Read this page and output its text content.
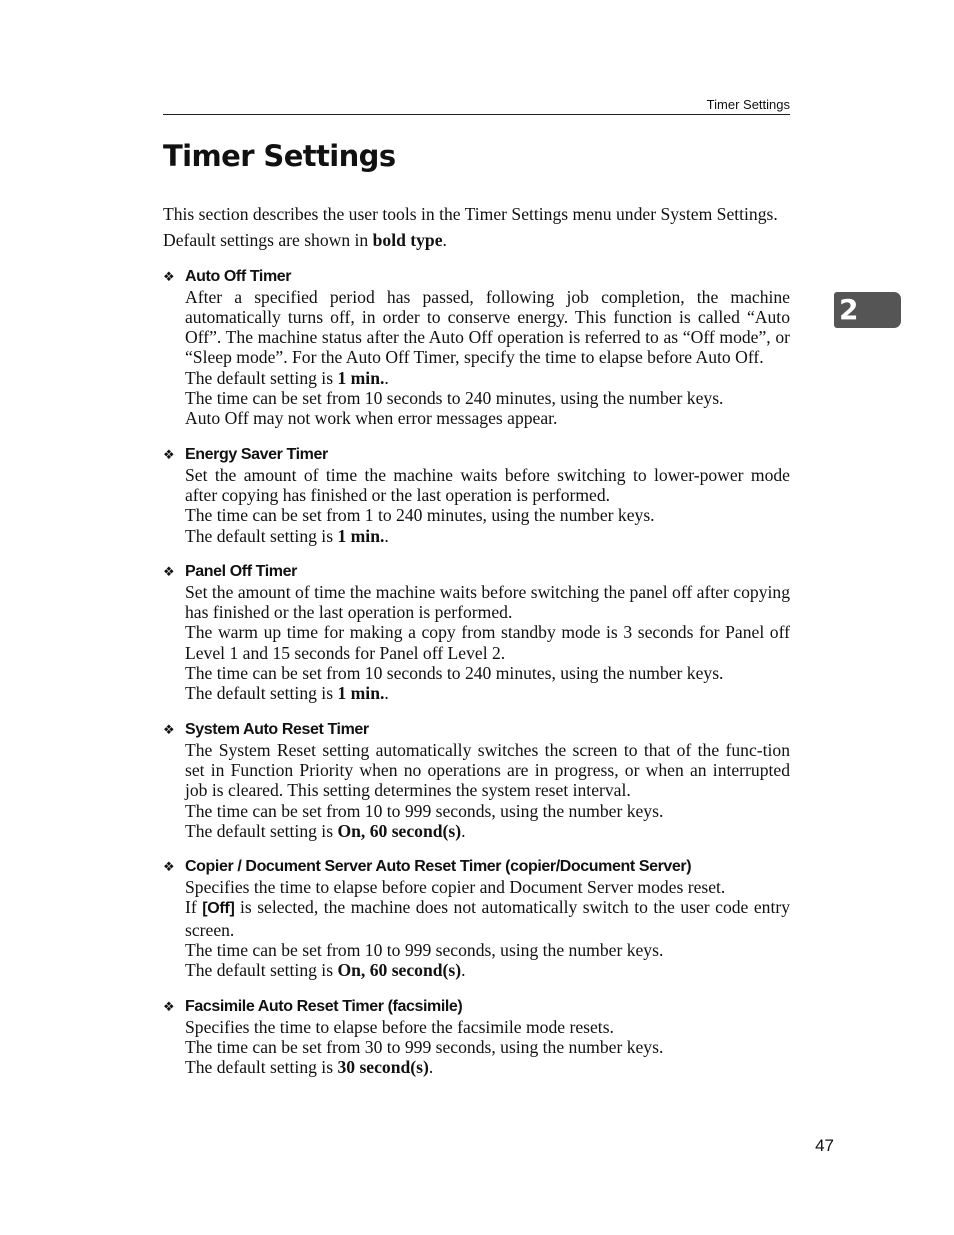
Timer Settings
Timer Settings
2

This section describes the user tools in the Timer Settings menu under System Settings.

Default settings are shown in bold type.

❖ Auto Off Timer

After a specified period has passed, following job completion, the machine automatically turns off, in order to conserve energy. This function is called “Auto Off”. The machine status after the Auto Off operation is referred to as “Off mode”, or “Sleep mode”. For the Auto Off Timer, specify the time to elapse before Auto Off.

The default setting is 1 min..

The time can be set from 10 seconds to 240 minutes, using the number keys.

Auto Off may not work when error messages appear.

❖ Energy Saver Timer

Set the amount of time the machine waits before switching to lower-power mode after copying has finished or the last operation is performed.

The time can be set from 1 to 240 minutes, using the number keys.

The default setting is 1 min..

❖ Panel Off Timer

Set the amount of time the machine waits before switching the panel off after copying has finished or the last operation is performed.

The warm up time for making a copy from standby mode is 3 seconds for Panel off Level 1 and 15 seconds for Panel off Level 2.

The time can be set from 10 seconds to 240 minutes, using the number keys.

The default setting is 1 min..

❖ System Auto Reset Timer

The System Reset setting automatically switches the screen to that of the func-tion set in Function Priority when no operations are in progress, or when an interrupted job is cleared. This setting determines the system reset interval.

The time can be set from 10 to 999 seconds, using the number keys.

The default setting is On, 60 second(s).

❖ Copier / Document Server Auto Reset Timer (copier/Document Server)

Specifies the time to elapse before copier and Document Server modes reset.

If [Off] is selected, the machine does not automatically switch to the user code entry screen.

The time can be set from 10 to 999 seconds, using the number keys.

The default setting is On, 60 second(s).

❖ Facsimile Auto Reset Timer (facsimile)

Specifies the time to elapse before the facsimile mode resets.

The time can be set from 30 to 999 seconds, using the number keys.

The default setting is 30 second(s).

47
